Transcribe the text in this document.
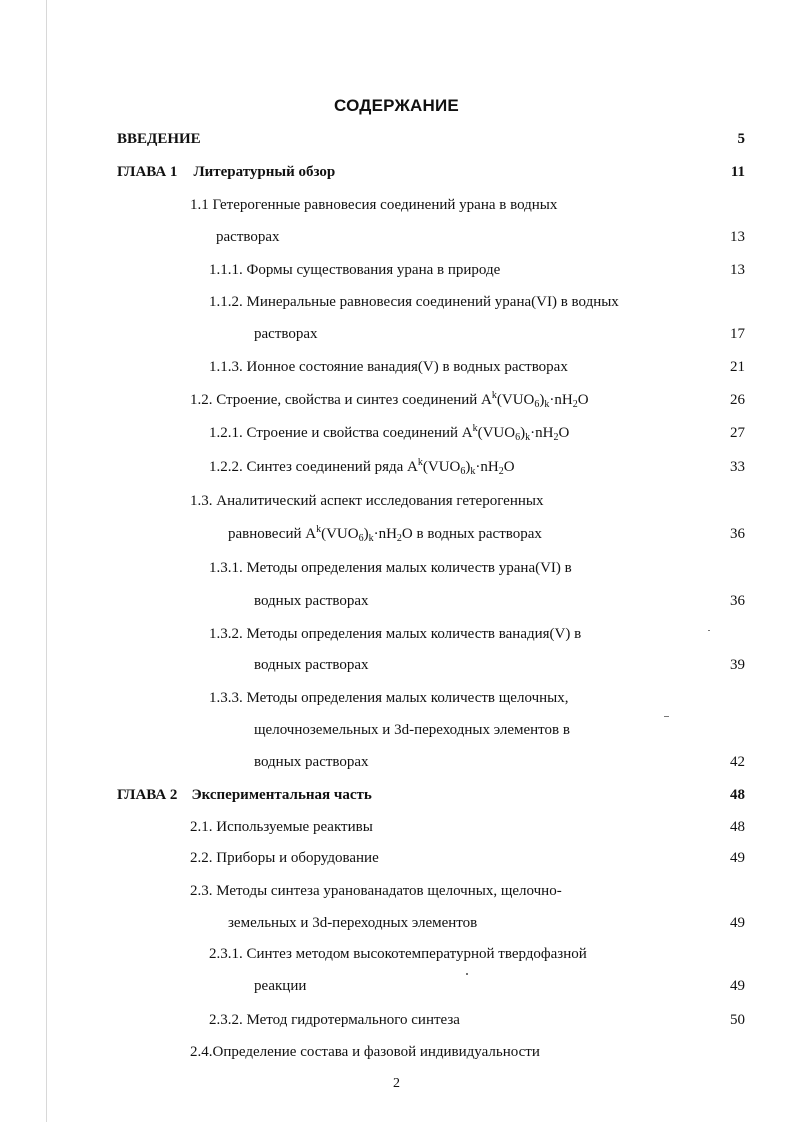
СОДЕРЖАНИЕ
ВВЕДЕНИЕ	5
ГЛАВА 1 Литературный обзор	11
1.1 Гетерогенные равновесия соединений урана в водных
растворах	13
1.1.1. Формы существования урана в природе	13
1.1.2. Минеральные равновесия соединений урана(VI) в водных
растворах	17
1.1.3. Ионное состояние ванадия(V) в водных растворах	21
1.2. Строение, свойства и синтез соединений $A^k(VUO_6)_k\cdot nH_2O$	26
1.2.1. Строение и свойства соединений $A^k(VUO_6)_k\cdot nH_2O$	27
1.2.2. Синтез соединений ряда $A^k(VUO_6)_k\cdot nH_2O$	33
1.3. Аналитический аспект исследования гетерогенных
равновесий $A^k(VUO_6)_k\cdot nH_2O$ в водных растворах	36
1.3.1. Методы определения малых количеств урана(VI) в
водных растворах	36
1.3.2. Методы определения малых количеств ванадия(V) в
водных растворах	39
1.3.3. Методы определения малых количеств щелочных,
щелочноземельных и 3d-переходных элементов в
водных растворах	42
ГЛАВА 2 Экспериментальная часть	48
2.1. Используемые реактивы	48
2.2. Приборы и оборудование	49
2.3. Методы синтеза уранованадатов щелочных, щелочно-
земельных и 3d-переходных элементов	49
2.3.1. Синтез методом высокотемпературной твердофазной
реакции	49
2.3.2. Метод гидротермального синтеза	50
2.4.Определение состава и фазовой индивидуальности
2
